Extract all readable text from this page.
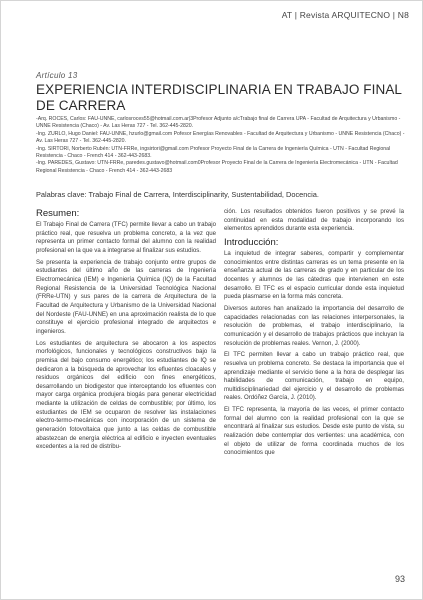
AT | Revista ARQUITECNO | N8
Artículo 13
EXPERIENCIA INTERDISCIPLINARIA EN TRABAJO FINAL DE CARRERA

-Arq. ROCES, Carlos: FAU-UNNE, carlosroces55@hotmail.com.ar|3Profesor Adjunto a/cTrabajo final de Carrera UPA - Facultad de Arquitectura y Urbanismo - UNNE Resistencia (Chaco) - Av. Las Heras 727 - Tel. 362-445-2820.

-Ing. ZURLO, Hugo Daniel: FAU-UNNE, hzurlo@gmail.com Pofesor Energías Renovables - Facultad de Arquitectura y Urbanismo - UNNE Resistencia (Chaco) - Av. Las Heras 727 - Tel. 362-445-2820.

-Ing. SIRTORI, Norberto Rubén: UTN-FRRe, ingsirtori@gmail.com Profesor Proyecto Final de la Carrera de Ingeniería Química - UTN - Facultad Regional Resistencia - Chaco - French 414 - 362-443-2683.

-Ing. PAREDES, Gustavo: UTN-FRRe, paredes.gustavo@hotmail.com0Profesor Proyecto Final de la Carrera de Ingeniería Electromecánica - UTN - Facultad Regional Resistencia - Chaco - French 414 - 362-443-2683

Palabras clave: Trabajo Final de Carrera, Interdisciplinarity, Sustentabilidad, Docencia.

Resumen:

El Trabajo Final de Carrera (TFC) permite llevar a cabo un trabajo práctico real, que resuelva un problema concreto, a la vez que representa un primer contacto formal del alumno con la realidad profesional en la que va a integrarse al finalizar sus estudios.

Se presenta la experiencia de trabajo conjunto entre grupos de estudiantes del último año de las carreras de Ingeniería Electromecánica (IEM) e Ingeniería Química (IQ) de la Facultad Regional Resistencia de la Universidad Tecnológica Nacional (FRRe-UTN) y sus pares de la carrera de Arquitectura de la Facultad de Arquitectura y Urbanismo de la Universidad Nacional del Nordeste (FAU-UNNE) en una aproximación realista de lo que constituye el ejercicio profesional integrado de arquitectos e ingenieros.

Los estudiantes de arquitectura se abocaron a los aspectos morfológicos, funcionales y tecnológicos constructivos bajo la premisa del bajo consumo energético; los estudiantes de IQ se dedicaron a la búsqueda de aprovechar los efluentes cloacales y residuos orgánicos del edificio con fines energéticos, desarrollando un biodigestor que interceptando los efluentes con mayor carga orgánica produjera biogás para generar electricidad mediante la utilización de celdas de combustible; por último, los estudiantes de IEM se ocuparon de resolver las instalaciones electro-termo-mecánicas con incorporación de un sistema de generación fotovoltaica que junto a las celdas de combustible abastezcan de energía eléctrica al edificio e inyecten eventuales excedentes a la red de distribu-

ción. Los resultados obtenidos fueron positivos y se prevé la continuidad en esta modalidad de trabajo incorporando los elementos aprendidos durante esta experiencia.

Introducción:

La inquietud de integrar saberes, compartir y complementar conocimientos entre distintas carreras es un tema presente en la enseñanza actual de las carreras de grado y en particular de los docentes y alumnos de las cátedras que intervienen en este desarrollo. El TFC es el espacio curricular donde esta inquietud pueda plasmarse en la forma más concreta.

Diversos autores han analizado la importancia del desarrollo de capacidades relacionadas con las relaciones interpersonales, la resolución de problemas, el trabajo interdisciplinario, la comunicación y el desarrollo de trabajos prácticos que incluyan la resolución de problemas reales. Vernon, J. (2000).

El TFC permiten llevar a cabo un trabajo práctico real, que resuelva un problema concreto. Se destaca la importancia que el aprendizaje mediante el servicio tiene a la hora de desplegar las habilidades de comunicación, trabajo en equipo, multidisciplinariedad del ejercicio y el desarrollo de problemas reales. Ordóñez García, J. (2010).

El TFC representa, la mayoría de las veces, el primer contacto formal del alumno con la realidad profesional con la que se encontrará al finalizar sus estudios. Desde este punto de vista, su realización debe contemplar dos vertientes: una académica, con el objeto de utilizar de forma coordinada muchos de los conocimientos que

93
